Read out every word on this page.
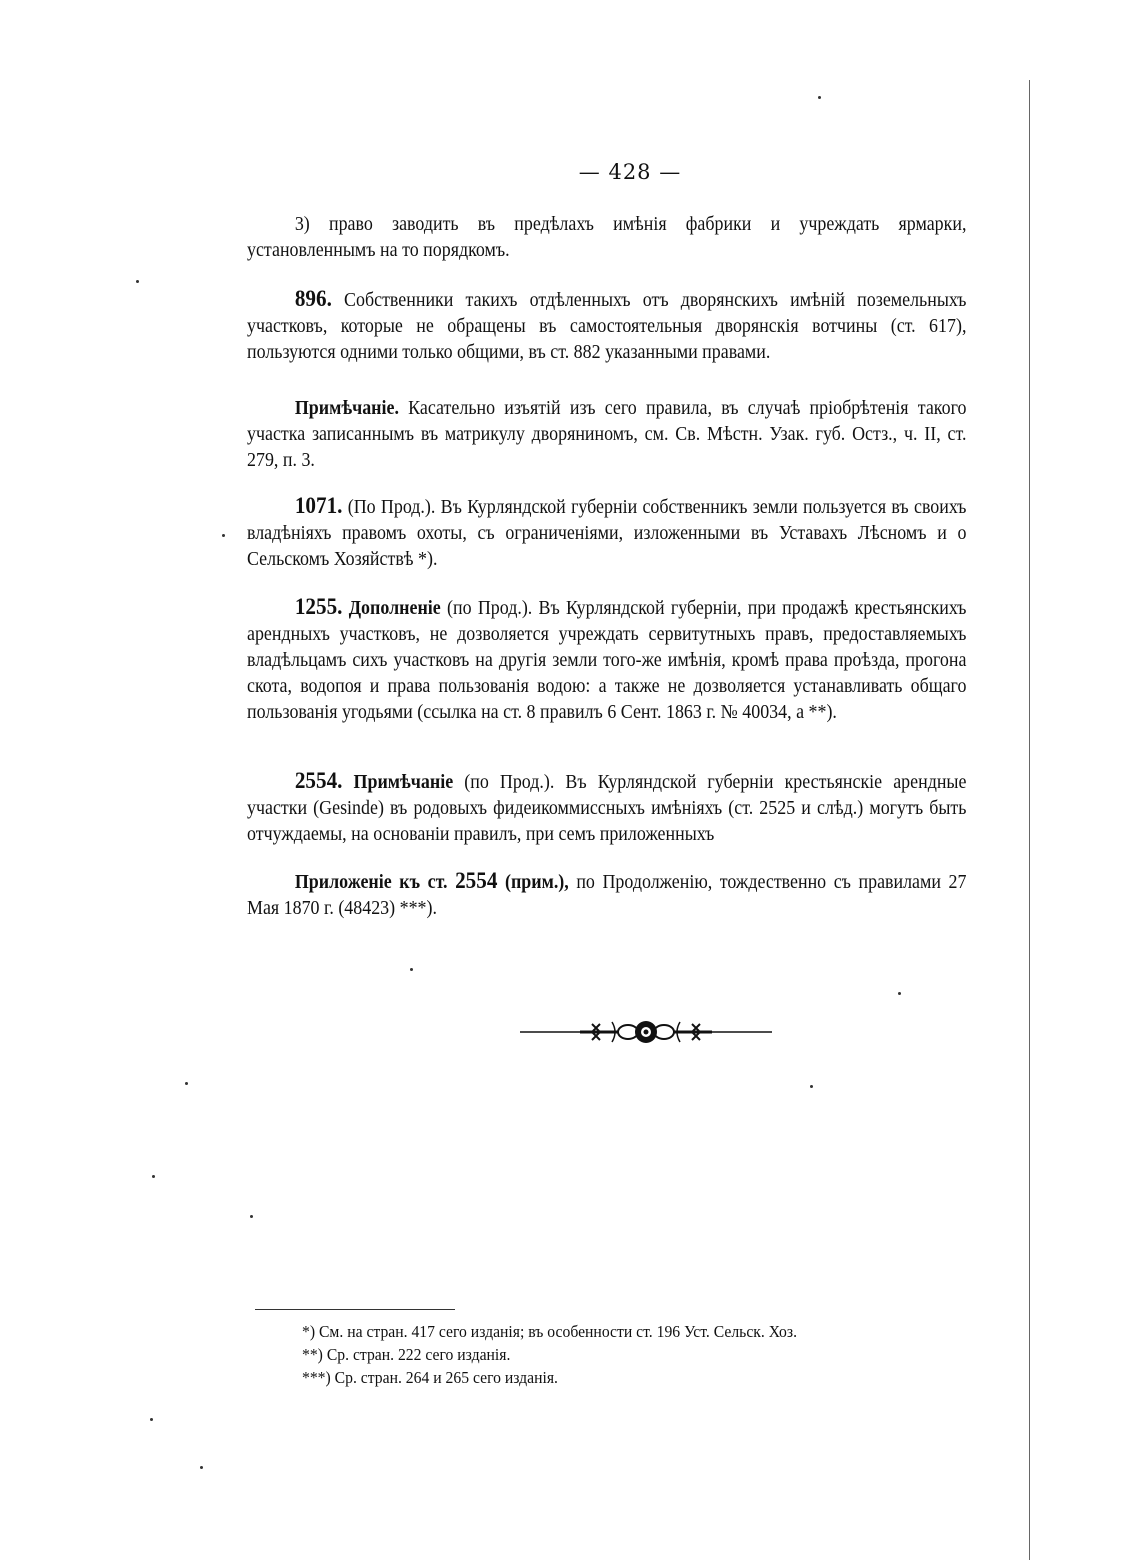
— 428 —

3) право заводить въ предѣлахъ имѣнія фабрики и учреждать ярмарки, установленнымъ на то порядкомъ.

896. Собственники такихъ отдѣленныхъ отъ дворянскихъ имѣній поземельныхъ участковъ, которые не обращены въ самостоятельныя дворянскія вотчины (ст. 617), пользуются одними только общими, въ ст. 882 указанными правами.

Примѣчаніе. Касательно изъятій изъ сего правила, въ случаѣ пріобрѣтенія такого участка записаннымъ въ матрикулу дворяниномъ, см. Св. Мѣстн. Узак. губ. Остз., ч. II, ст. 279, п. 3.

1071. (По Прод.). Въ Курляндской губерніи собственникъ земли пользуется въ своихъ владѣніяхъ правомъ охоты, съ ограниченіями, изложенными въ Уставахъ Лѣсномъ и о Сельскомъ Хозяйствѣ *).

1255. Дополненіе (по Прод.). Въ Курляндской губерніи, при продажѣ крестьянскихъ арендныхъ участковъ, не дозволяется учреждать сервитутныхъ правъ, предоставляемыхъ владѣльцамъ сихъ участковъ на другія земли того-же имѣнія, кромѣ права проѣзда, прогона скота, водопоя и права пользованія водою: а также не дозволяется устанавливать общаго пользованія угодьями (ссылка на ст. 8 правилъ 6 Сент. 1863 г. № 40034, а **).

2554. Примѣчаніе (по Прод.). Въ Курляндской губерніи крестьянскіе арендные участки (Gesinde) въ родовыхъ фидеикоммиссныхъ имѣніяхъ (ст. 2525 и слѣд.) могутъ быть отчуждаемы, на основаніи правилъ, при семъ приложенныхъ

Приложеніе къ ст. 2554 (прим.), по Продолженію, тождественно съ правилами 27 Мая 1870 г. (48423) ***).

*) См. на стран. 417 сего изданія; въ особенности ст. 196 Уст. Сельск. Хоз.
**) Ср. стран. 222 сего изданія.
***) Ср. стран. 264 и 265 сего изданія.
